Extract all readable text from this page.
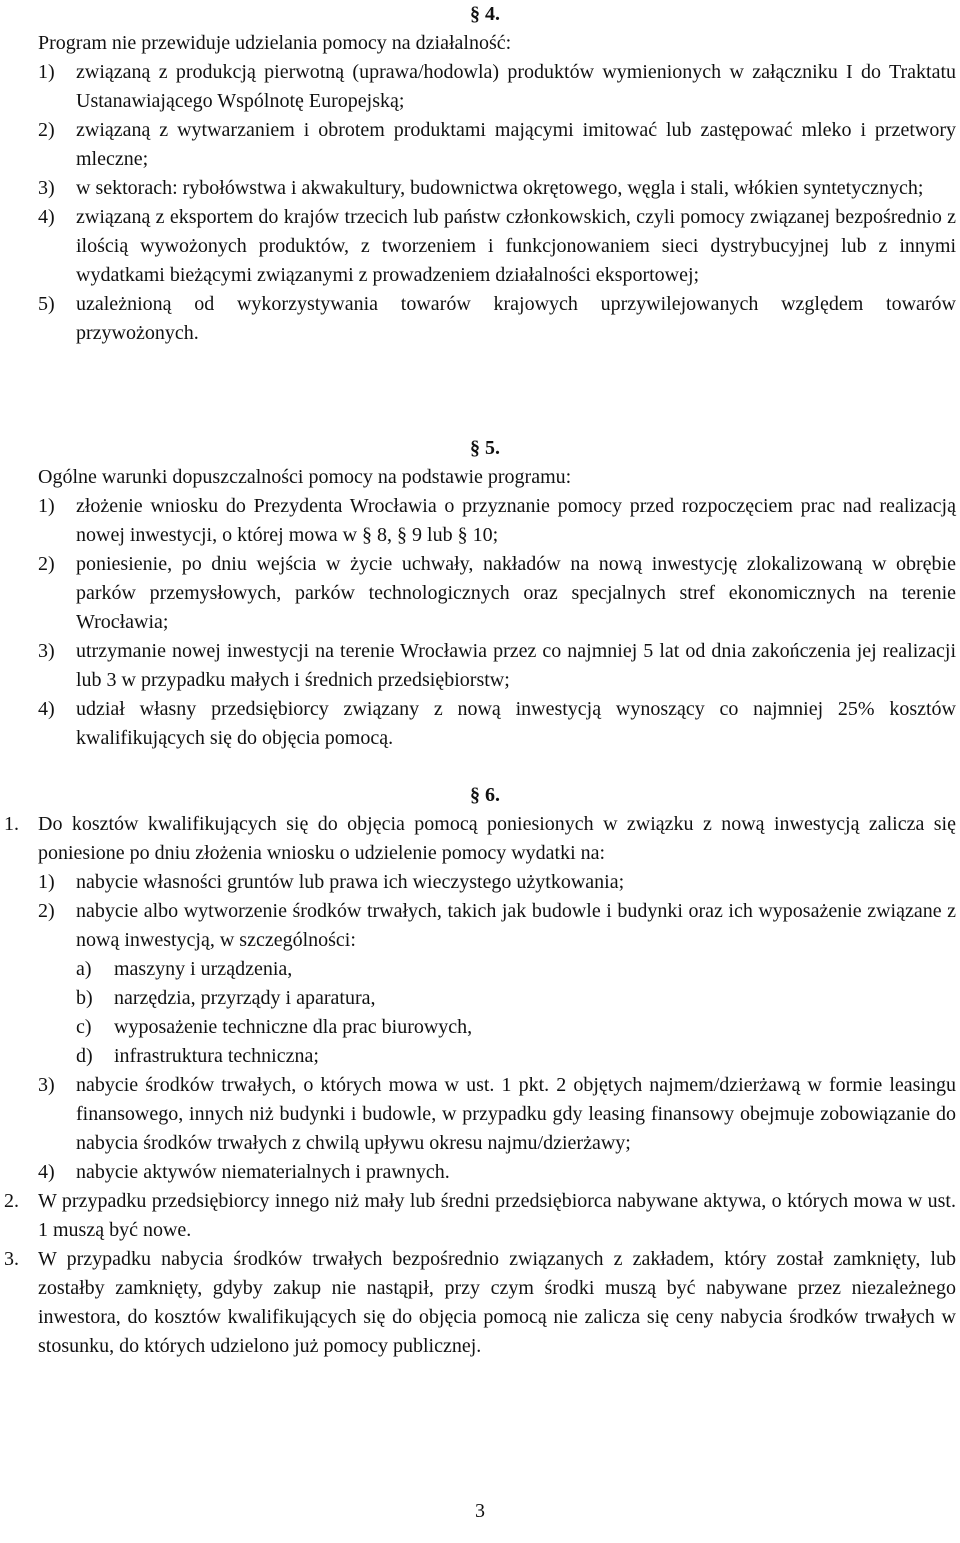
§ 4.
Program nie przewiduje udzielania pomocy na działalność:
1)	związaną z produkcją pierwotną (uprawa/hodowla) produktów wymienionych w załączniku I do Traktatu Ustanawiającego Wspólnotę Europejską;
2)	związaną z wytwarzaniem i obrotem produktami mającymi imitować lub zastępować mleko i przetwory mleczne;
3)	w sektorach: rybołówstwa i akwakultury, budownictwa okrętowego, węgla i stali, włókien syntetycznych;
4)	związaną z eksportem do krajów trzecich lub państw członkowskich, czyli pomocy związanej bezpośrednio z ilością wywożonych produktów, z tworzeniem i funkcjonowaniem sieci dystrybucyjnej lub z innymi wydatkami bieżącymi związanymi z prowadzeniem działalności eksportowej;
5)	uzależnioną od wykorzystywania towarów krajowych uprzywilejowanych względem towarów przywożonych.
§ 5.
Ogólne warunki dopuszczalności pomocy na podstawie programu:
1)	złożenie wniosku do Prezydenta Wrocławia o przyznanie pomocy przed rozpoczęciem prac nad realizacją nowej inwestycji, o której mowa w § 8, § 9 lub § 10;
2)	poniesienie, po dniu wejścia w życie uchwały, nakładów na nową inwestycję zlokalizowaną w obrębie parków przemysłowych, parków technologicznych oraz specjalnych stref ekonomicznych na terenie Wrocławia;
3)	utrzymanie nowej inwestycji na terenie Wrocławia przez co najmniej 5 lat od dnia zakończenia jej realizacji lub 3 w przypadku małych i średnich przedsiębiorstw;
4)	udział własny przedsiębiorcy związany z nową inwestycją wynoszący co najmniej 25% kosztów kwalifikujących się do objęcia pomocą.
§ 6.
1. Do kosztów kwalifikujących się do objęcia pomocą poniesionych w związku z nową inwestycją zalicza się poniesione po dniu złożenia wniosku o udzielenie pomocy wydatki na:
1)	nabycie własności gruntów lub prawa ich wieczystego użytkowania;
2)	nabycie albo wytworzenie środków trwałych, takich jak budowle i budynki oraz ich wyposażenie związane z nową inwestycją, w szczególności:
a)	maszyny i urządzenia,
b)	narzędzia, przyrządy i aparatura,
c)	wyposażenie techniczne dla prac biurowych,
d)	infrastruktura techniczna;
3)	nabycie środków trwałych, o których mowa w ust. 1 pkt. 2 objętych najmem/dzierżawą w formie leasingu finansowego, innych niż budynki i budowle, w przypadku gdy leasing finansowy obejmuje zobowiązanie do nabycia środków trwałych z chwilą upływu okresu najmu/dzierżawy;
4)	nabycie aktywów niematerialnych i prawnych.
2. W przypadku przedsiębiorcy innego niż mały lub średni przedsiębiorca nabywane aktywa, o których mowa w ust. 1 muszą być nowe.
3. W przypadku nabycia środków trwałych bezpośrednio związanych z zakładem, który został zamknięty, lub zostałby zamknięty, gdyby zakup nie nastąpił, przy czym środki muszą być nabywane przez niezależnego inwestora, do kosztów kwalifikujących się do objęcia pomocą nie zalicza się ceny nabycia środków trwałych w stosunku, do których udzielono już pomocy publicznej.
3
